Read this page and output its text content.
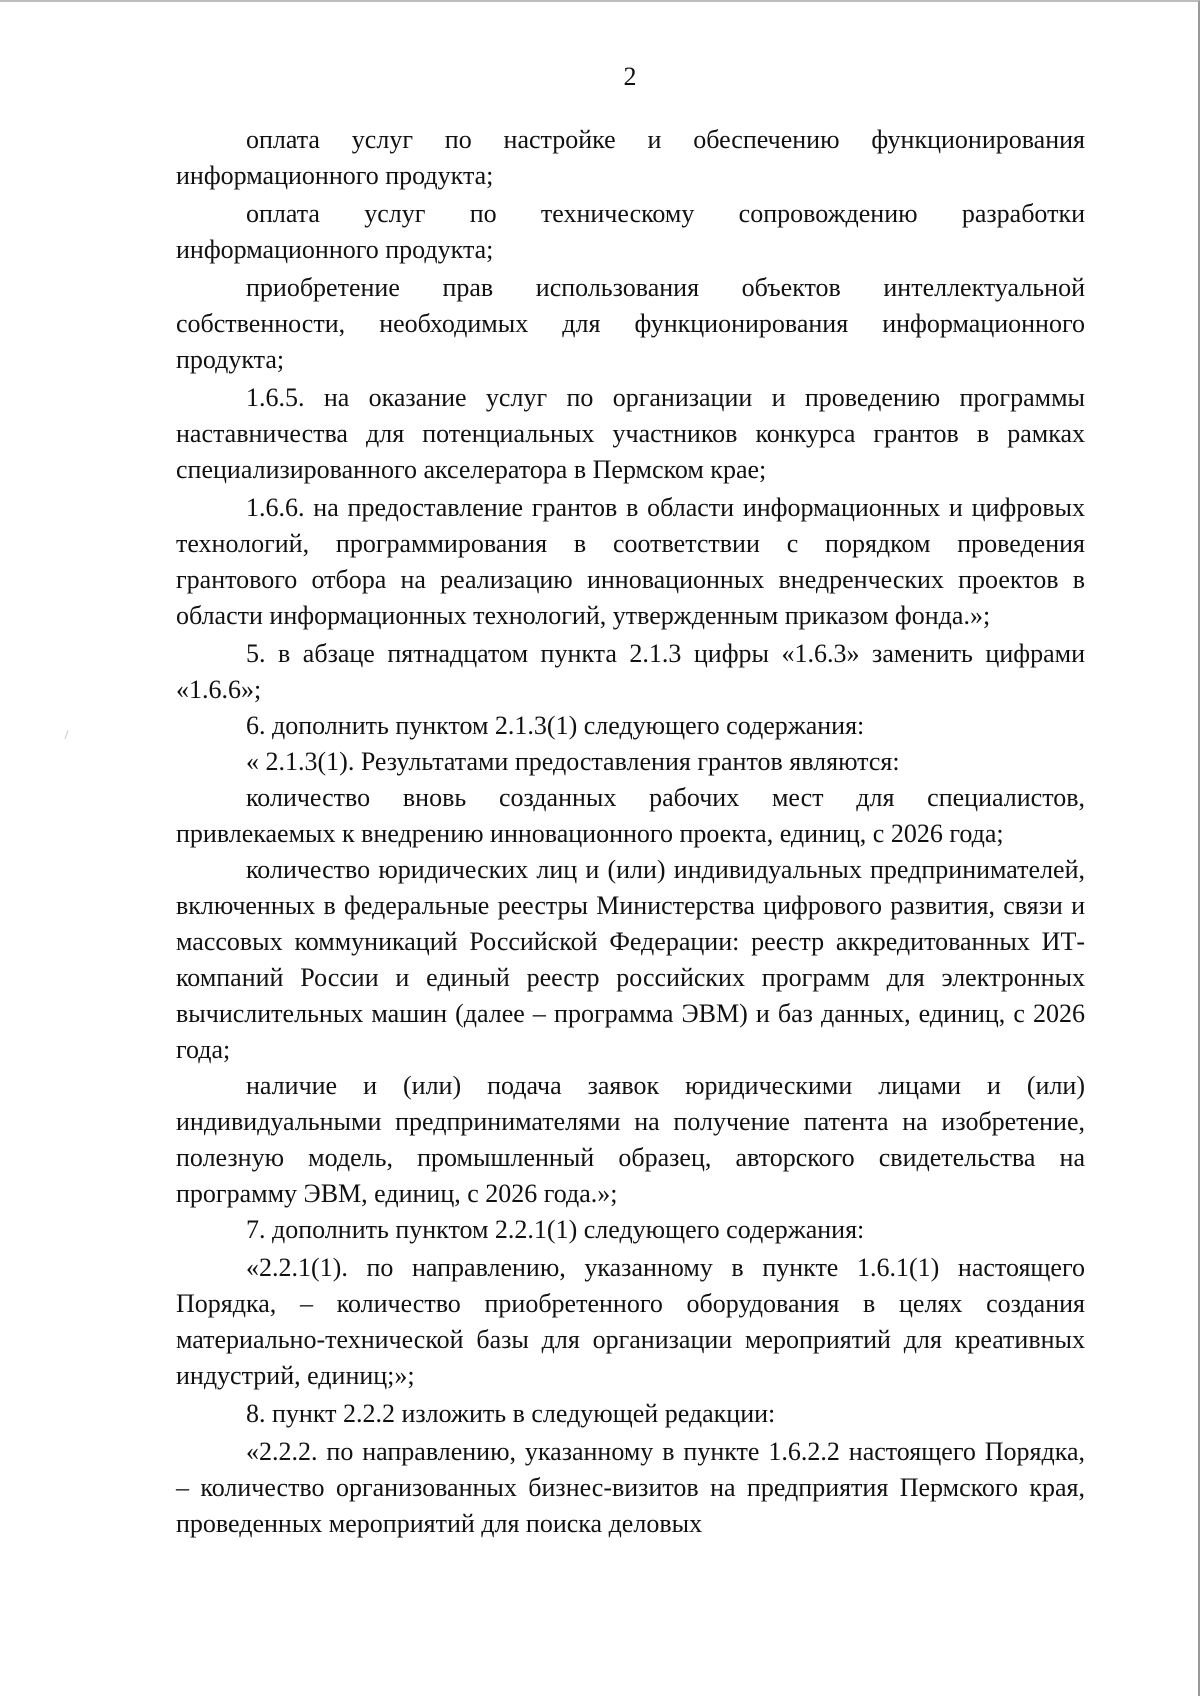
2

оплата услуг по настройке и обеспечению функционирования информационного продукта;

оплата услуг по техническому сопровождению разработки информационного продукта;

приобретение прав использования объектов интеллектуальной собственности, необходимых для функционирования информационного продукта;

1.6.5. на оказание услуг по организации и проведению программы наставничества для потенциальных участников конкурса грантов в рамках специализированного акселератора в Пермском крае;

1.6.6. на предоставление грантов в области информационных и цифровых технологий, программирования в соответствии с порядком проведения грантового отбора на реализацию инновационных внедренческих проектов в области информационных технологий, утвержденным приказом фонда.»;

5. в абзаце пятнадцатом пункта 2.1.3 цифры «1.6.3» заменить цифрами «1.6.6»;

6. дополнить пунктом 2.1.3(1) следующего содержания:

« 2.1.3(1). Результатами предоставления грантов являются:

количество вновь созданных рабочих мест для специалистов, привлекаемых к внедрению инновационного проекта, единиц, с 2026 года;

количество юридических лиц и (или) индивидуальных предпринимателей, включенных в федеральные реестры Министерства цифрового развития, связи и массовых коммуникаций Российской Федерации: реестр аккредитованных ИТ-компаний России и единый реестр российских программ для электронных вычислительных машин (далее – программа ЭВМ) и баз данных, единиц, с 2026 года;

наличие и (или) подача заявок юридическими лицами и (или) индивидуальными предпринимателями на получение патента на изобретение, полезную модель, промышленный образец, авторского свидетельства на программу ЭВМ, единиц, с 2026 года.»;

7. дополнить пунктом 2.2.1(1) следующего содержания:

«2.2.1(1). по направлению, указанному в пункте 1.6.1(1) настоящего Порядка, – количество приобретенного оборудования в целях создания материально-технической базы для организации мероприятий для креативных индустрий, единиц;»;

8. пункт 2.2.2 изложить в следующей редакции:

«2.2.2. по направлению, указанному в пункте 1.6.2.2 настоящего Порядка, – количество организованных бизнес-визитов на предприятия Пермского края, проведенных мероприятий для поиска деловых
